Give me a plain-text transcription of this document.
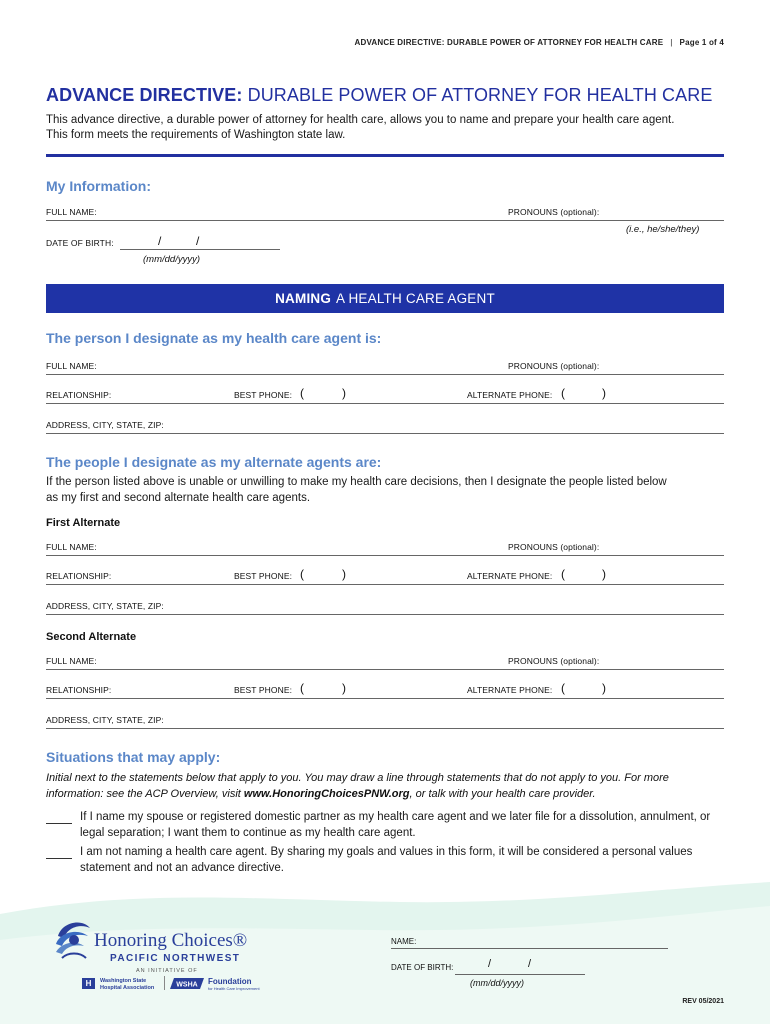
ADVANCE DIRECTIVE: DURABLE POWER OF ATTORNEY FOR HEALTH CARE | Page 1 of 4
ADVANCE DIRECTIVE: DURABLE POWER OF ATTORNEY FOR HEALTH CARE
This advance directive, a durable power of attorney for health care, allows you to name and prepare your health care agent.
This form meets the requirements of Washington state law.
My Information:
FULL NAME:	PRONOUNS (optional):
(i.e., he/she/they)
DATE OF BIRTH:	/	/
(mm/dd/yyyy)
NAMING A HEALTH CARE AGENT
The person I designate as my health care agent is:
FULL NAME:	PRONOUNS (optional):
RELATIONSHIP:	BEST PHONE: (	)	ALTERNATE PHONE: (	)
ADDRESS, CITY, STATE, ZIP:
The people I designate as my alternate agents are:
If the person listed above is unable or unwilling to make my health care decisions, then I designate the people listed below
as my first and second alternate health care agents.
First Alternate
FULL NAME:	PRONOUNS (optional):
RELATIONSHIP:	BEST PHONE: (	)	ALTERNATE PHONE: (	)
ADDRESS, CITY, STATE, ZIP:
Second Alternate
FULL NAME:	PRONOUNS (optional):
RELATIONSHIP:	BEST PHONE: (	)	ALTERNATE PHONE: (	)
ADDRESS, CITY, STATE, ZIP:
Situations that may apply:
Initial next to the statements below that apply to you. You may draw a line through statements that do not apply to you. For more
information: see the ACP Overview, visit www.HonoringChoicesPNW.org, or talk with your health care provider.
If I name my spouse or registered domestic partner as my health care agent and we later file for a dissolution, annulment, or
legal separation; I want them to continue as my health care agent.
I am not naming a health care agent. By sharing my goals and values in this form, it will be considered a personal values
statement and not an advance directive.
Honoring Choices®
PACIFIC NORTHWEST
AN INITIATIVE OF
H	Washington State
Hospital Association	WSHA Foundation
for Health Care Improvement
NAME:
DATE OF BIRTH:	/	/
(mm/dd/yyyy)
REV 05/2021
